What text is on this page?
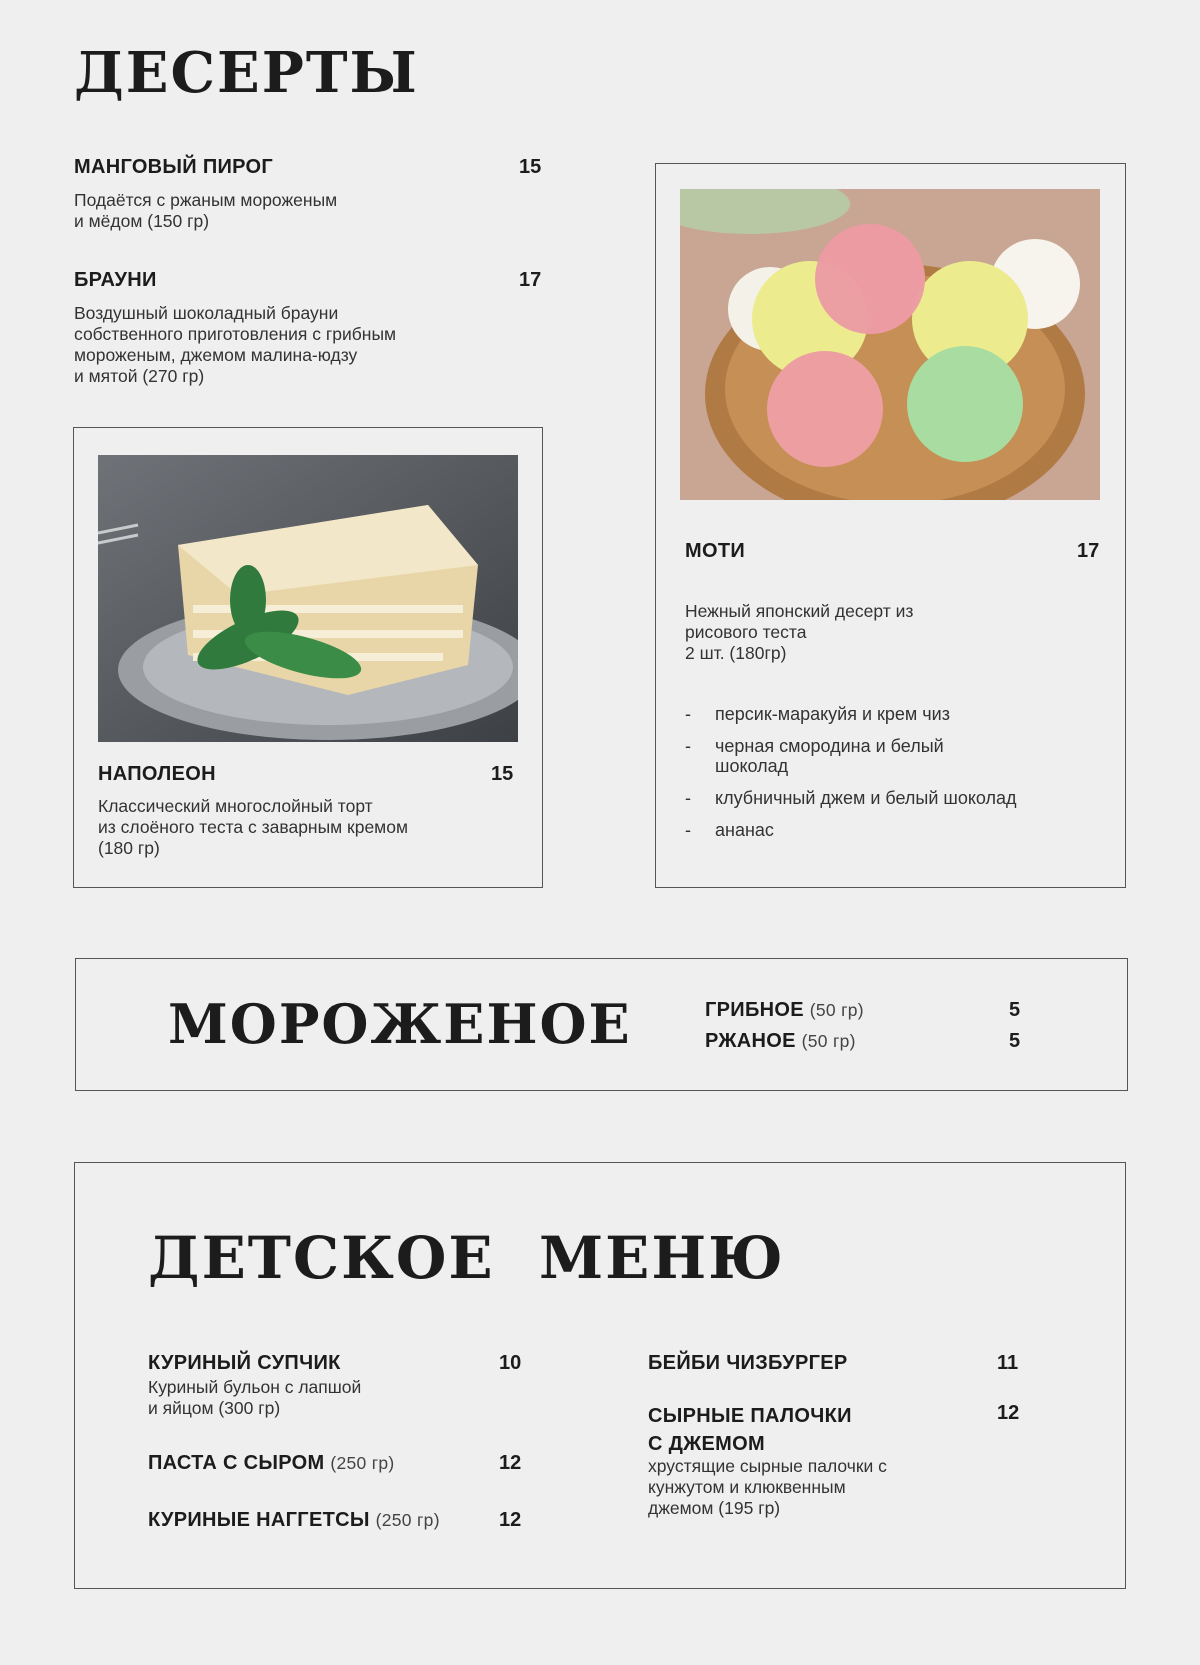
ДЕСЕРТЫ
МАНГОВЫЙ ПИРОГ	15
Подаётся с ржаным мороженым
и мёдом (150 гр)
БРАУНИ	17
Воздушный шоколадный брауни
собственного приготовления с грибным
мороженым, джемом малина-юдзу
и мятой (270 гр)
НАПОЛЕОН	15
Классический многослойный торт
из слоёного теста с заварным кремом
(180 гр)
МОТИ	17
Нежный японский десерт из
рисового теста
2 шт. (180гр)
-	персик-маракуйя и крем чиз
-	черная смородина и белый
шоколад
-	клубничный джем и белый шоколад
-	ананас
МОРОЖЕНОЕ	ГРИБНОЕ (50 гр)	5
РЖАНОЕ (50 гр)	5
ДЕТСКОЕ  МЕНЮ
КУРИНЫЙ СУПЧИК	10
Куриный бульон с лапшой
и яйцом (300 гр)
ПАСТА С СЫРОМ (250 гр)	12
КУРИНЫЕ НАГГЕТСЫ (250 гр)	12
БЕЙБИ ЧИЗБУРГЕР	11
СЫРНЫЕ ПАЛОЧКИ
С ДЖЕМОМ
12
хрустящие сырные палочки с
кунжутом и клюквенным
джемом (195 гр)
